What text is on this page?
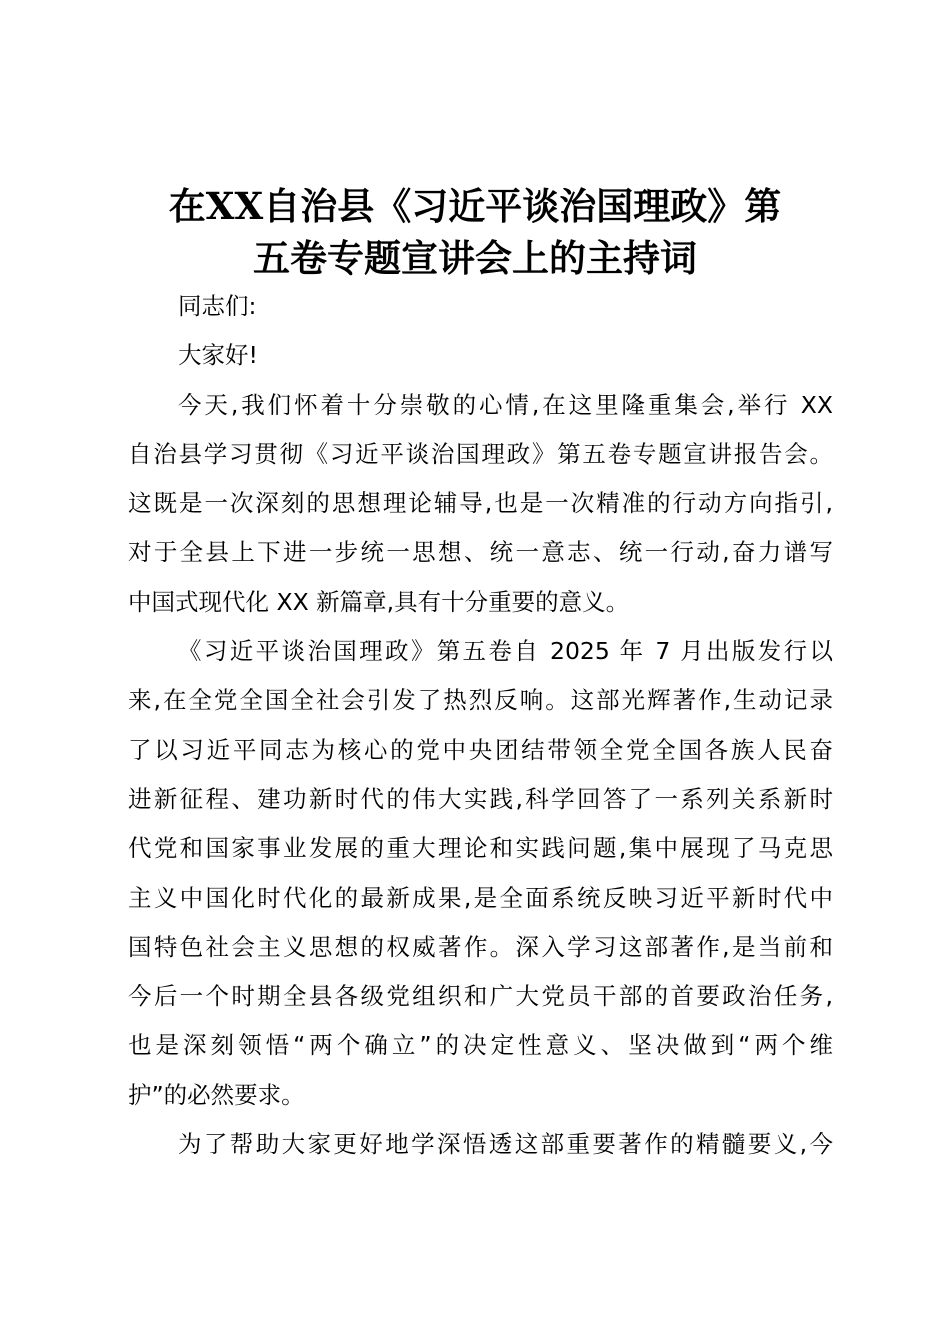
在XX自治县《习近平谈治国理政》第
五卷专题宣讲会上的主持词
同志们:
大家好!
今天,我们怀着十分崇敬的心情,在这里隆重集会,举行 XX
自治县学习贯彻《习近平谈治国理政》第五卷专题宣讲报告会。
这既是一次深刻的思想理论辅导,也是一次精准的行动方向指引,
对于全县上下进一步统一思想、统一意志、统一行动,奋力谱写
中国式现代化 XX 新篇章,具有十分重要的意义。
《习近平谈治国理政》第五卷自 2025 年 7 月出版发行以
来,在全党全国全社会引发了热烈反响。这部光辉著作,生动记录
了以习近平同志为核心的党中央团结带领全党全国各族人民奋
进新征程、建功新时代的伟大实践,科学回答了一系列关系新时
代党和国家事业发展的重大理论和实践问题,集中展现了马克思
主义中国化时代化的最新成果,是全面系统反映习近平新时代中
国特色社会主义思想的权威著作。深入学习这部著作,是当前和
今后一个时期全县各级党组织和广大党员干部的首要政治任务,
也是深刻领悟“两个确立”的决定性意义、坚决做到“两个维
护”的必然要求。
为了帮助大家更好地学深悟透这部重要著作的精髓要义,今
